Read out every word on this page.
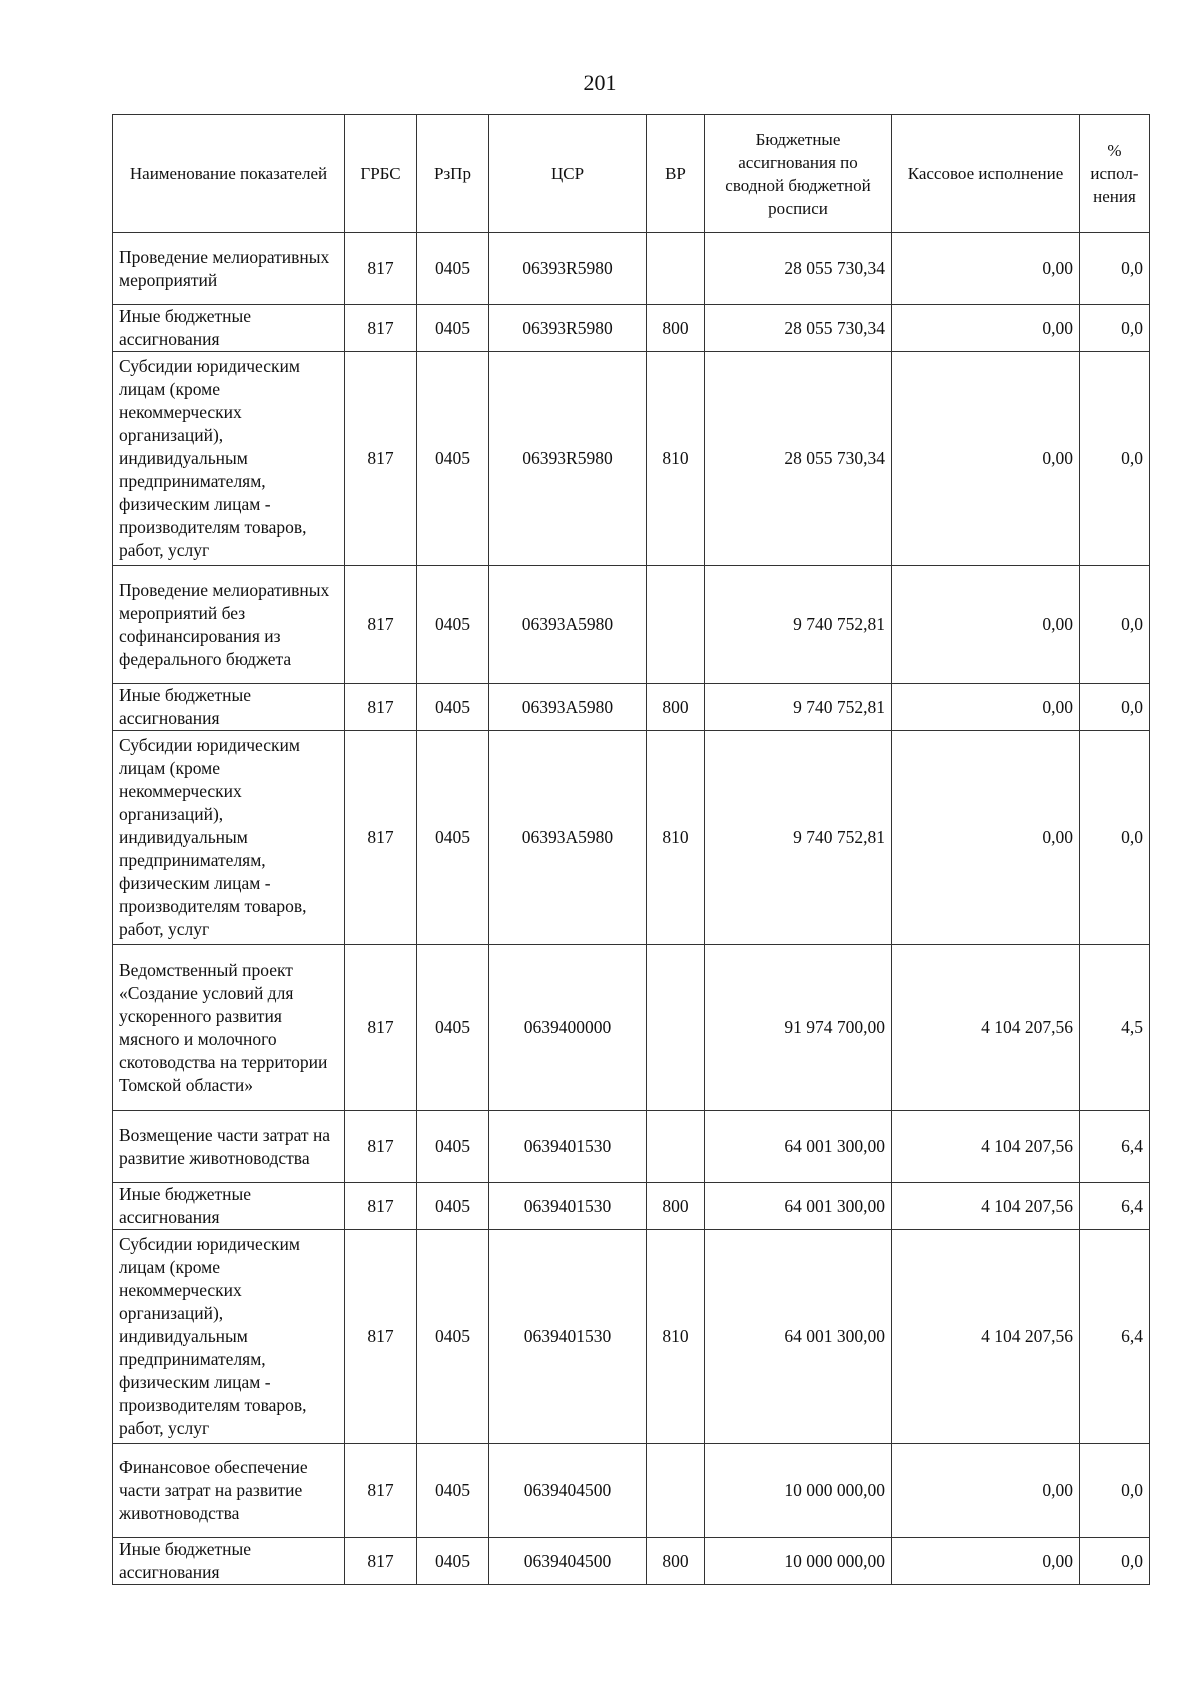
201
Наименование показателей	ГРБС	РзПр	ЦСР	ВР	Бюджетные ассигнования по сводной бюджетной росписи	Кассовое исполнение	% испол-нения
Проведение мелиоративных мероприятий	817	0405	06393R5980		28 055 730,34	0,00	0,0
Иные бюджетные ассигнования	817	0405	06393R5980	800	28 055 730,34	0,00	0,0
Субсидии юридическим лицам (кроме некоммерческих организаций), индивидуальным предпринимателям, физическим лицам - производителям товаров, работ, услуг	817	0405	06393R5980	810	28 055 730,34	0,00	0,0
Проведение мелиоративных мероприятий без софинансирования из федерального бюджета	817	0405	06393A5980		9 740 752,81	0,00	0,0
Иные бюджетные ассигнования	817	0405	06393A5980	800	9 740 752,81	0,00	0,0
Субсидии юридическим лицам (кроме некоммерческих организаций), индивидуальным предпринимателям, физическим лицам - производителям товаров, работ, услуг	817	0405	06393A5980	810	9 740 752,81	0,00	0,0
Ведомственный проект «Создание условий для ускоренного развития мясного и молочного скотоводства на территории Томской области»	817	0405	0639400000		91 974 700,00	4 104 207,56	4,5
Возмещение части затрат на развитие животноводства	817	0405	0639401530		64 001 300,00	4 104 207,56	6,4
Иные бюджетные ассигнования	817	0405	0639401530	800	64 001 300,00	4 104 207,56	6,4
Субсидии юридическим лицам (кроме некоммерческих организаций), индивидуальным предпринимателям, физическим лицам - производителям товаров, работ, услуг	817	0405	0639401530	810	64 001 300,00	4 104 207,56	6,4
Финансовое обеспечение части затрат на развитие животноводства	817	0405	0639404500		10 000 000,00	0,00	0,0
Иные бюджетные ассигнования	817	0405	0639404500	800	10 000 000,00	0,00	0,0
